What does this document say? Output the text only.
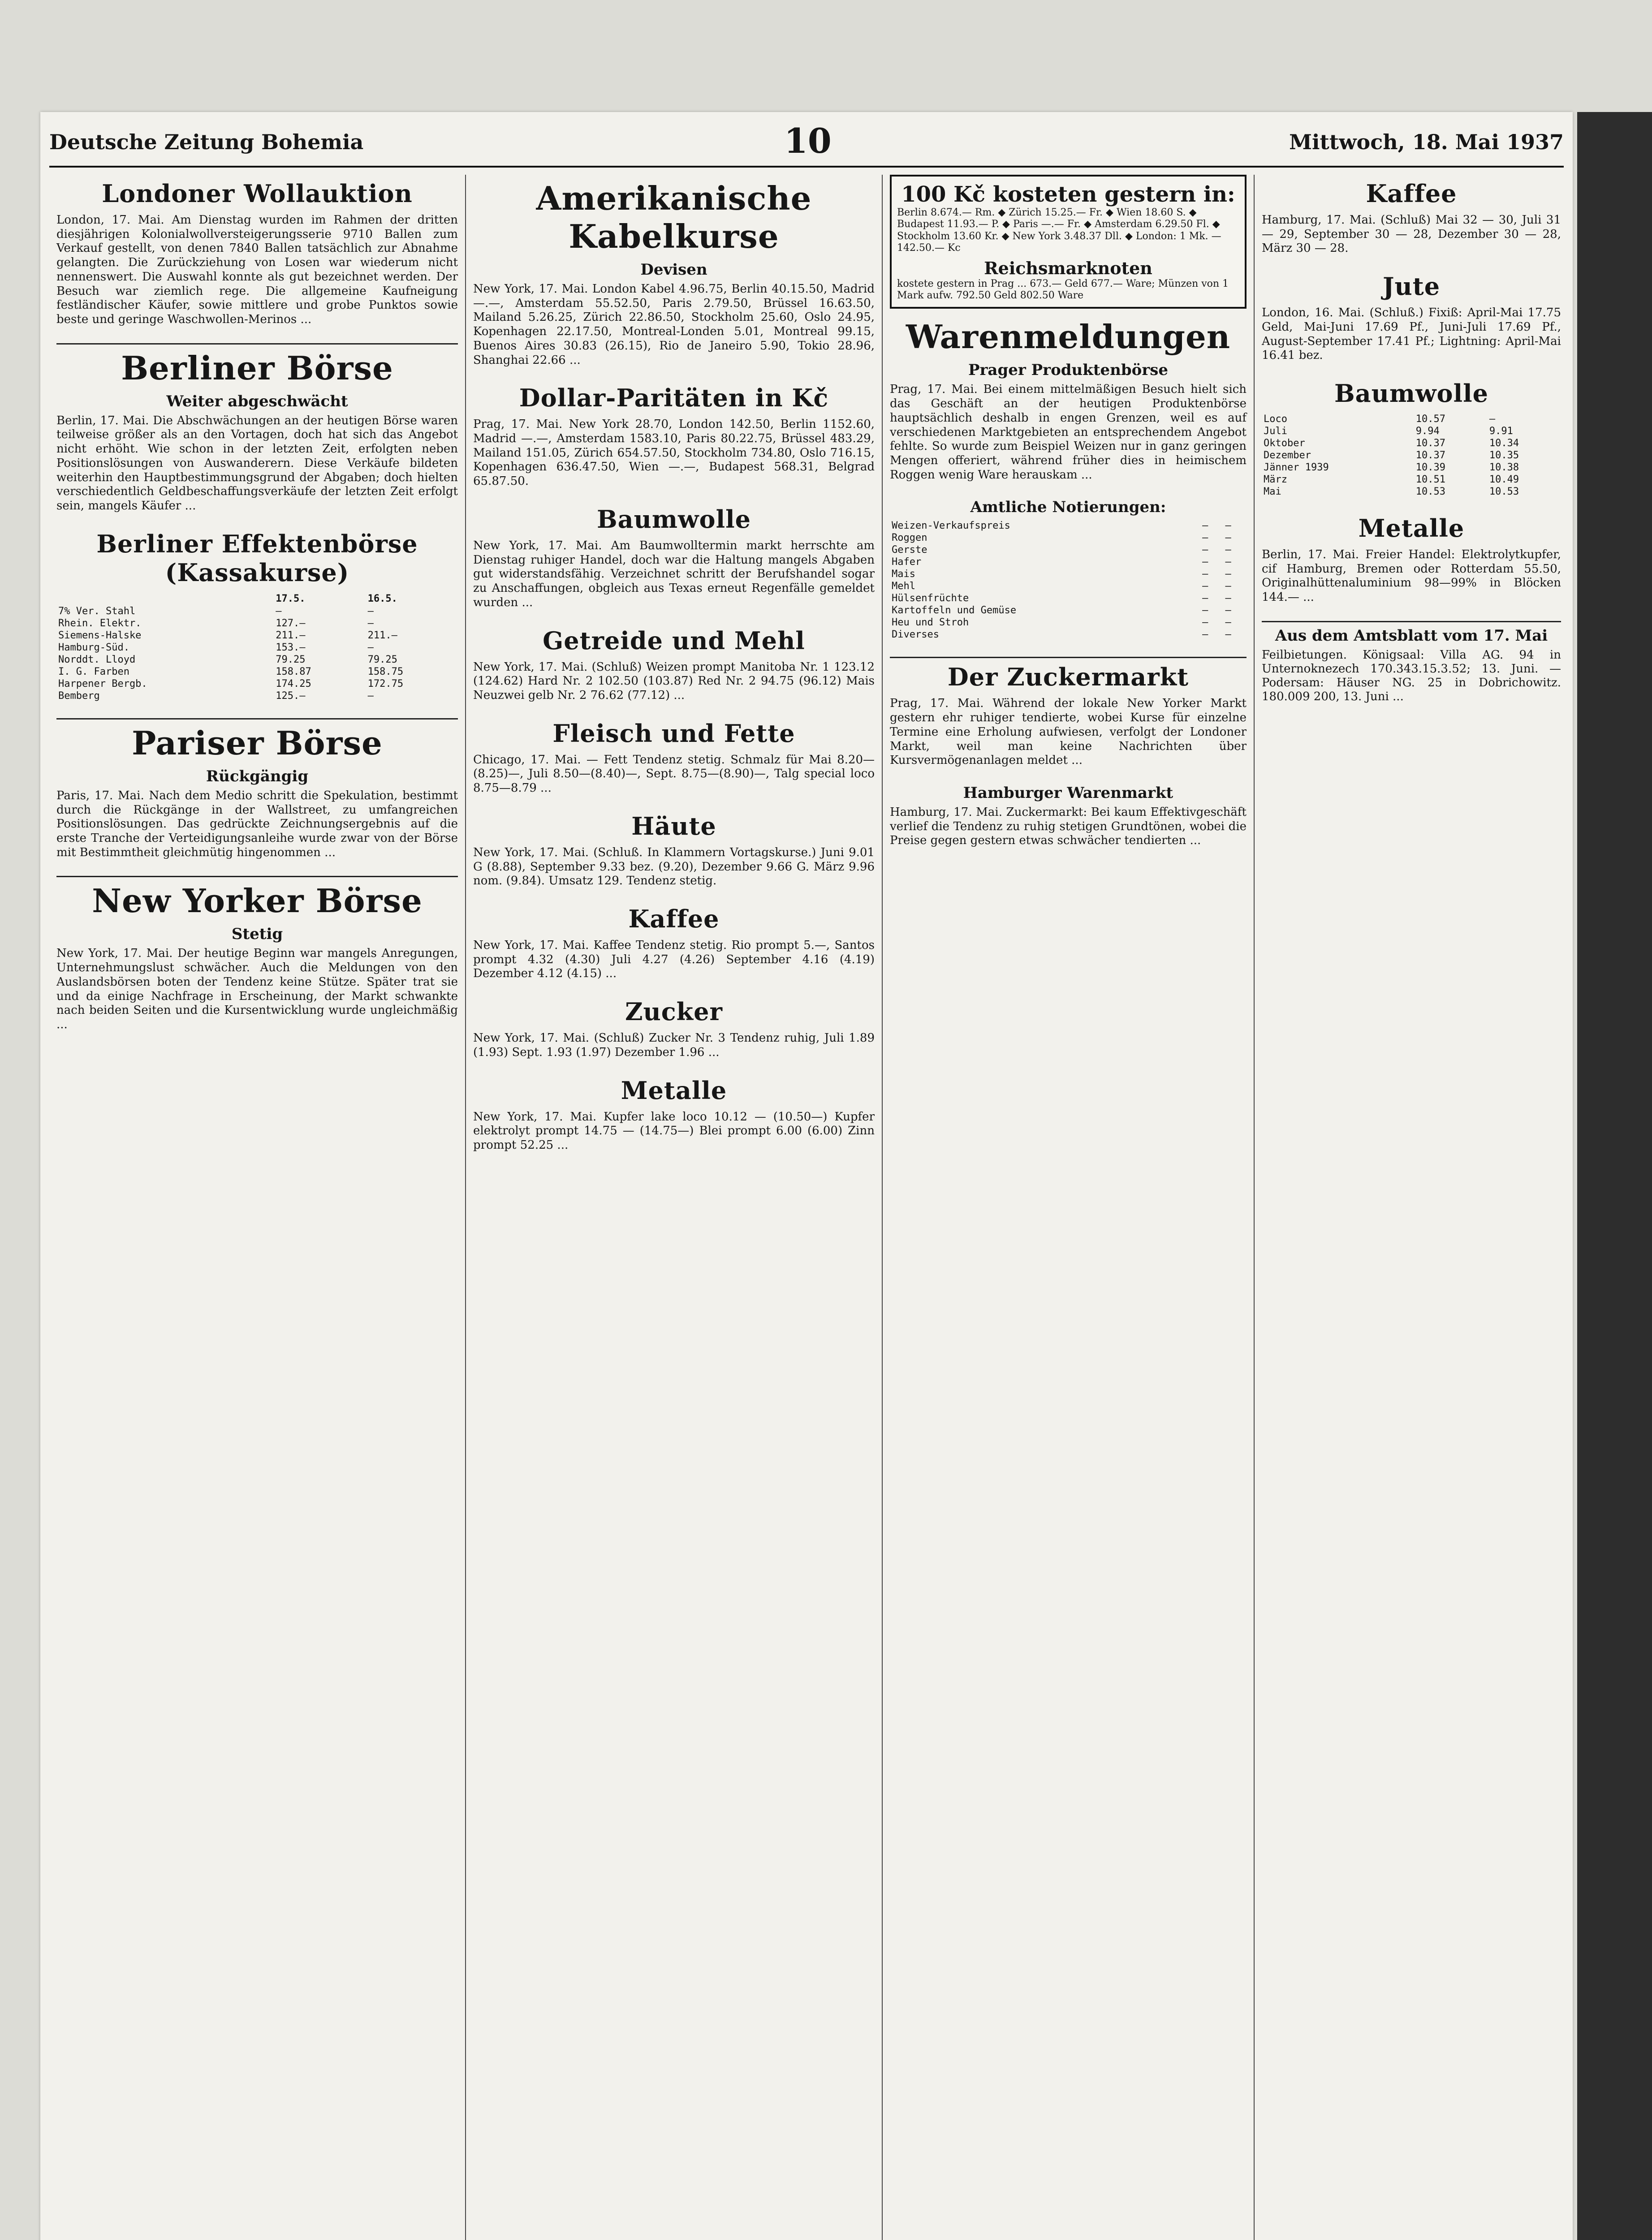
Deutsche Zeitung Bohemia	10	Mittwoch, 18. Mai 1937
Londoner Wollauktion
London, 17. Mai. Am Dienstag wurden im Rahmen der dritten diesjährigen Kolonialwollversteigerungsserie 9710 Ballen zum Verkauf gestellt, von denen 7840 Ballen tatsächlich zur Abnahme gelangten. Die Zurückziehung von Losen war wiederum nicht nennenswert. Die Auswahl konnte als gut bezeichnet werden. Der Besuch war ziemlich rege. Die allgemeine Kaufneigung festländischer Käufer, sowie mittlere und grobe Punktos sowie beste und geringe Waschwollen-Merinos ...
Berliner Börse
Weiter abgeschwächt
Berlin, 17. Mai. Die Abschwächungen an der heutigen Börse waren teilweise größer als an den Vortagen, doch hat sich das Angebot nicht erhöht. Wie schon in der letzten Zeit, erfolgten neben Positionslösungen von Auswanderern. Diese Verkäufe bildeten weiterhin den Hauptbestimmungsgrund der Abgaben; doch hielten verschiedentlich Geldbeschaffungsverkäufe der letzten Zeit erfolgt sein, mangels Käufer ...
Berliner Effektenbörse (Kassakurse)
	17.5.	16.5.
7% Ver. Stahl	—	—
Rhein. Elektr.	127.—	—
Siemens-Halske	211.—	211.—
Hamburg-Süd.	153.—	—
Norddt. Lloyd	79.25	79.25
I. G. Farben	158.87	158.75
Harpener Bergb.	174.25	172.75
Bemberg	125.—	—
Pariser Börse
Rückgängig
Paris, 17. Mai. Nach dem Medio schritt die Spekulation, bestimmt durch die Rückgänge in der Wallstreet, zu umfangreichen Positionslösungen. Das gedrückte Zeichnungsergebnis auf die erste Tranche der Verteidigungsanleihe wurde zwar von der Börse mit Bestimmtheit gleichmütig hingenommen ...
New Yorker Börse
Stetig
New York, 17. Mai. Der heutige Beginn war mangels Anregungen, Unternehmungslust schwächer. Auch die Meldungen von den Auslandsbörsen boten der Tendenz keine Stütze. Später trat sie und da einige Nachfrage in Erscheinung, der Markt schwankte nach beiden Seiten und die Kursentwicklung wurde ungleichmäßig ...
Amerikanische Kabelkurse
Devisen
New York, 17. Mai. London Kabel 4.96.75, Berlin 40.15.50, Madrid —.—, Amsterdam 55.52.50, Paris 2.79.50, Brüssel 16.63.50, Mailand 5.26.25, Zürich 22.86.50, Stockholm 25.60, Oslo 24.95, Kopenhagen 22.17.50, Montreal-Londen 5.01, Montreal 99.15, Buenos Aires 30.83 (26.15), Rio de Janeiro 5.90, Tokio 28.96, Shanghai 22.66 ...
Dollar-Paritäten in Kč
Prag, 17. Mai. New York 28.70, London 142.50, Berlin 1152.60, Madrid —.—, Amsterdam 1583.10, Paris 80.22.75, Brüssel 483.29, Mailand 151.05, Zürich 654.57.50, Stockholm 734.80, Oslo 716.15, Kopenhagen 636.47.50, Wien —.—, Budapest 568.31, Belgrad 65.87.50.
Baumwolle
New York, 17. Mai. Am Baumwolltermin markt herrschte am Dienstag ruhiger Handel, doch war die Haltung mangels Abgaben gut widerstandsfähig. Verzeichnet schritt der Berufshandel sogar zu Anschaffungen, obgleich aus Texas erneut Regenfälle gemeldet wurden ...
Getreide und Mehl
New York, 17. Mai. (Schluß) Weizen prompt Manitoba Nr. 1 123.12 (124.62) Hard Nr. 2 102.50 (103.87) Red Nr. 2 94.75 (96.12) Mais Neuzwei gelb Nr. 2 76.62 (77.12) ...
Fleisch und Fette
Chicago, 17. Mai. — Fett Tendenz stetig. Schmalz für Mai 8.20—(8.25)—, Juli 8.50—(8.40)—, Sept. 8.75—(8.90)—, Talg special loco 8.75—8.79 ...
Häute
New York, 17. Mai. (Schluß. In Klammern Vortagskurse.) Juni 9.01 G (8.88), September 9.33 bez. (9.20), Dezember 9.66 G. März 9.96 nom. (9.84). Umsatz 129. Tendenz stetig.
Kaffee
New York, 17. Mai. Kaffee Tendenz stetig. Rio prompt 5.—, Santos prompt 4.32 (4.30) Juli 4.27 (4.26) September 4.16 (4.19) Dezember 4.12 (4.15) ...
Zucker
New York, 17. Mai. (Schluß) Zucker Nr. 3 Tendenz ruhig, Juli 1.89 (1.93) Sept. 1.93 (1.97) Dezember 1.96 ...
Metalle
New York, 17. Mai. Kupfer lake loco 10.12 — (10.50—) Kupfer elektrolyt prompt 14.75 — (14.75—) Blei prompt 6.00 (6.00) Zinn prompt 52.25 ...
100 Kč kosteten gestern in:
Berlin 8.674.— Rm. ◆ Zürich 15.25.— Fr. ◆ Wien 18.60 S. ◆ Budapest 11.93.— P. ◆ Paris —.— Fr. ◆ Amsterdam 6.29.50 Fl. ◆ Stockholm 13.60 Kr. ◆ New York 3.48.37 Dll. ◆ London: 1 Mk. — 142.50.— Kc
Reichsmarknoten
kostete gestern in Prag ... 673.— Geld 677.— Ware; Münzen von 1 Mark aufw. 792.50 Geld 802.50 Ware
Warenmeldungen
Prager Produktenbörse
Prag, 17. Mai. Bei einem mittelmäßigen Besuch hielt sich das Geschäft an der heutigen Produktenbörse hauptsächlich deshalb in engen Grenzen, weil es auf verschiedenen Marktgebieten an entsprechendem Angebot fehlte. So wurde zum Beispiel Weizen nur in ganz geringen Mengen offeriert, während früher dies in heimischem Roggen wenig Ware herauskam ...
Amtliche Notierungen:
Weizen-Verkaufspreis	—	—
Roggen	—	—
Gerste	—	—
Hafer	—	—
Mais	—	—
Mehl	—	—
Hülsenfrüchte	—	—
Kartoffeln und Gemüse	—	—
Heu und Stroh	—	—
Diverses	—	—
Der Zuckermarkt
Prag, 17. Mai. Während der lokale New Yorker Markt gestern ehr ruhiger tendierte, wobei Kurse für einzelne Termine eine Erholung aufwiesen, verfolgt der Londoner Markt, weil man keine Nachrichten über Kursvermögenanlagen meldet ...
Hamburger Warenmarkt
Hamburg, 17. Mai. Zuckermarkt: Bei kaum Effektivgeschäft verlief die Tendenz zu ruhig stetigen Grundtönen, wobei die Preise gegen gestern etwas schwächer tendierten ...
Kaffee
Hamburg, 17. Mai. (Schluß) Mai 32 — 30, Juli 31 — 29, September 30 — 28, Dezember 30 — 28, März 30 — 28.
Jute
London, 16. Mai. (Schluß.) Fixiß: April-Mai 17.75 Geld, Mai-Juni 17.69 Pf., Juni-Juli 17.69 Pf., August-September 17.41 Pf.; Lightning: April-Mai 16.41 bez.
Baumwolle
Loco	10.57	—
Juli	9.94	9.91
Oktober	10.37	10.34
Dezember	10.37	10.35
Jänner 1939	10.39	10.38
März	10.51	10.49
Mai	10.53	10.53
Metalle
Berlin, 17. Mai. Freier Handel: Elektrolytkupfer, cif Hamburg, Bremen oder Rotterdam 55.50, Originalhüttenaluminium 98—99% in Blöcken 144.— ...
Aus dem Amtsblatt vom 17. Mai
Feilbietungen. Königsaal: Villa AG. 94 in Unternoknezech 170.343.15.3.52; 13. Juni. — Podersam: Häuser NG. 25 in Dobrichowitz. 180.009 200, 13. Juni ...
